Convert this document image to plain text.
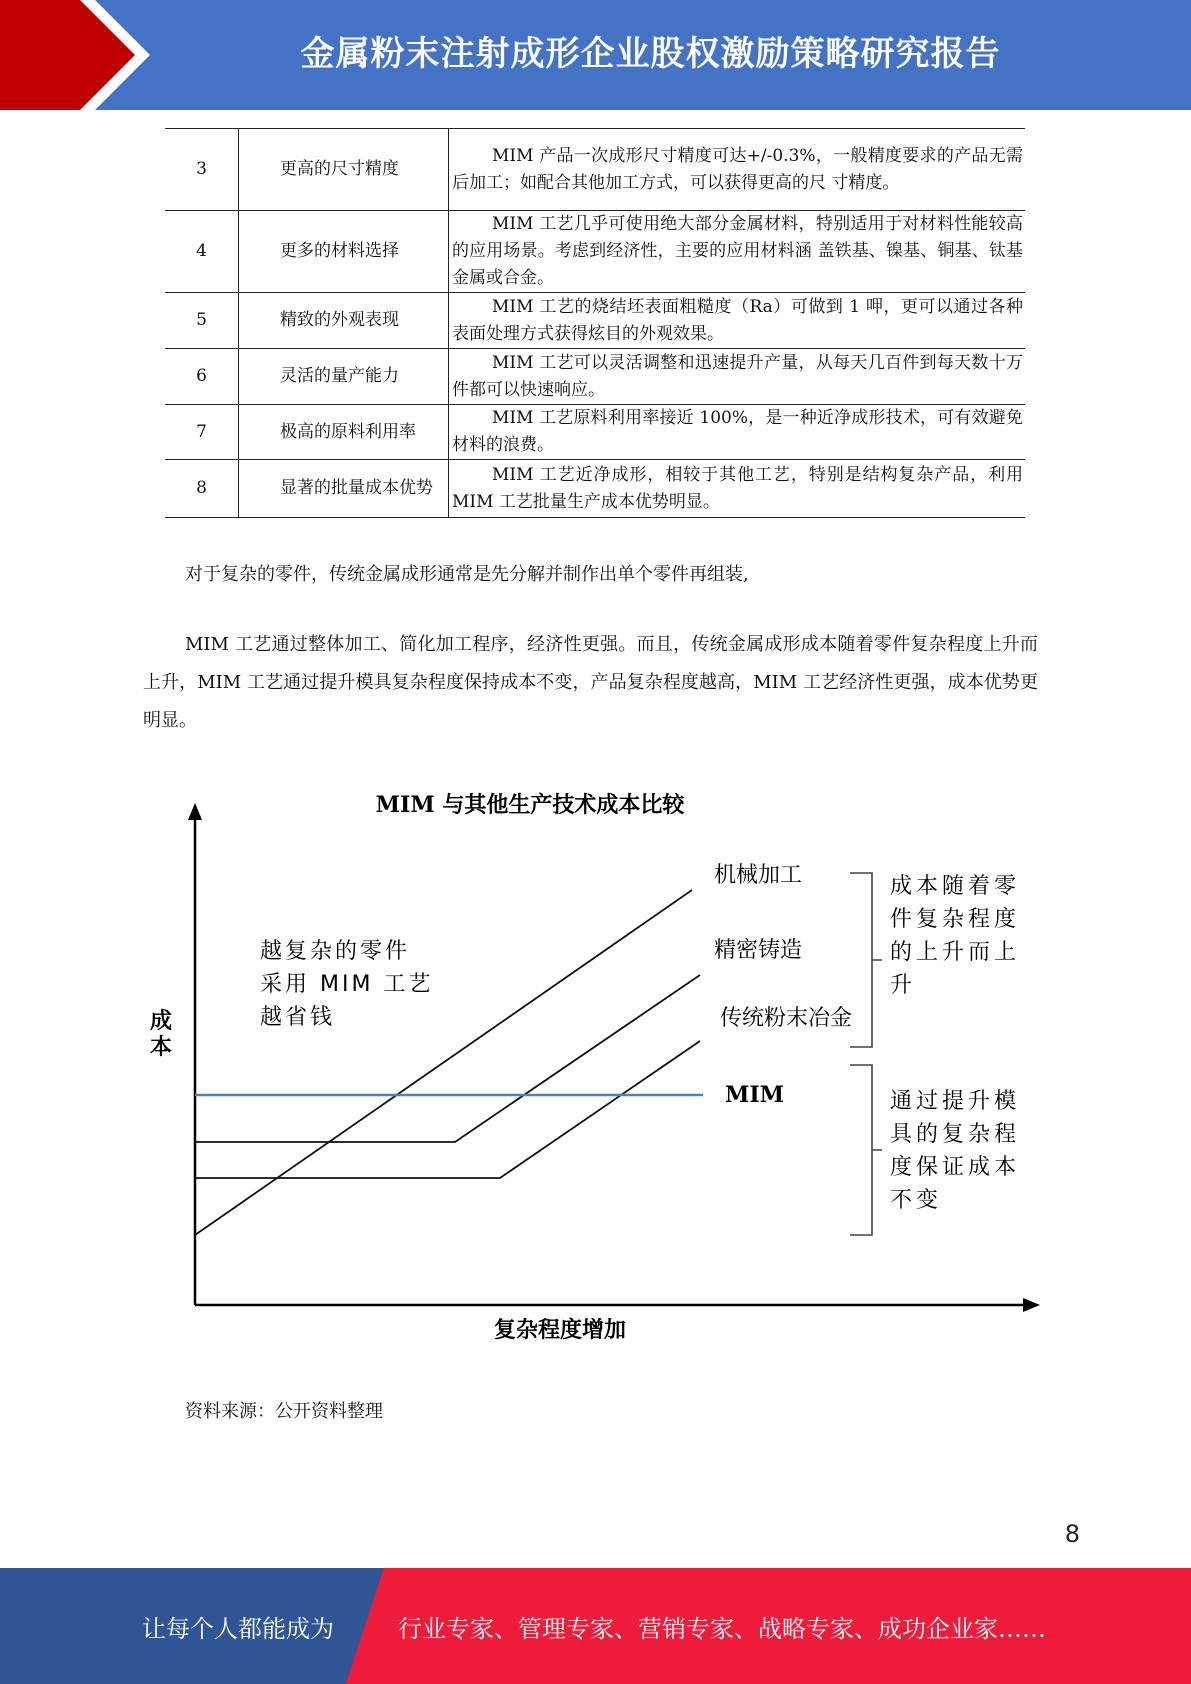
金属粉末注射成形企业股权激励策略研究报告
3	更高的尺寸精度	MIM 产品一次成形尺寸精度可达+/-0.3%，一般精度要求的产品无需后加工；如配合其他加工方式，可以获得更高的尺 寸精度。
4	更多的材料选择	MIM 工艺几乎可使用绝大部分金属材料，特别适用于对材料性能较高的应用场景。考虑到经济性，主要的应用材料涵 盖铁基、镍基、铜基、钛基金属或合金。
5	精致的外观表现	MIM 工艺的烧结坯表面粗糙度（Ra）可做到 1 呷，更可以通过各种表面处理方式获得炫目的外观效果。
6	灵活的量产能力	MIM 工艺可以灵活调整和迅速提升产量，从每天几百件到每天数十万件都可以快速响应。
7	极高的原料利用率	MIM 工艺原料利用率接近 100%，是一种近净成形技术，可有效避免材料的浪费。
8	显著的批量成本优势	MIM 工艺近净成形，相较于其他工艺，特别是结构复杂产品，利用 MIM 工艺批量生产成本优势明显。

对于复杂的零件，传统金属成形通常是先分解并制作出单个零件再组装,

MIM 工艺通过整体加工、简化加工程序，经济性更强。而且，传统金属成形成本随着零件复杂程度上升而上升，MIM 工艺通过提升模具复杂程度保持成本不变，产品复杂程度越高，MIM 工艺经济性更强，成本优势更明显。

MIM 与其他生产技术成本比较
成本
复杂程度增加
机械加工
精密铸造
传统粉末冶金
MIM
越复杂的零件
采用 MIM 工艺
越省钱
成本随着零
件复杂程度
的上升而上
升
通过提升模
具的复杂程
度保证成本
不变
资料来源：公开资料整理
8
让每个人都能成为	行业专家、管理专家、营销专家、战略专家、成功企业家……
